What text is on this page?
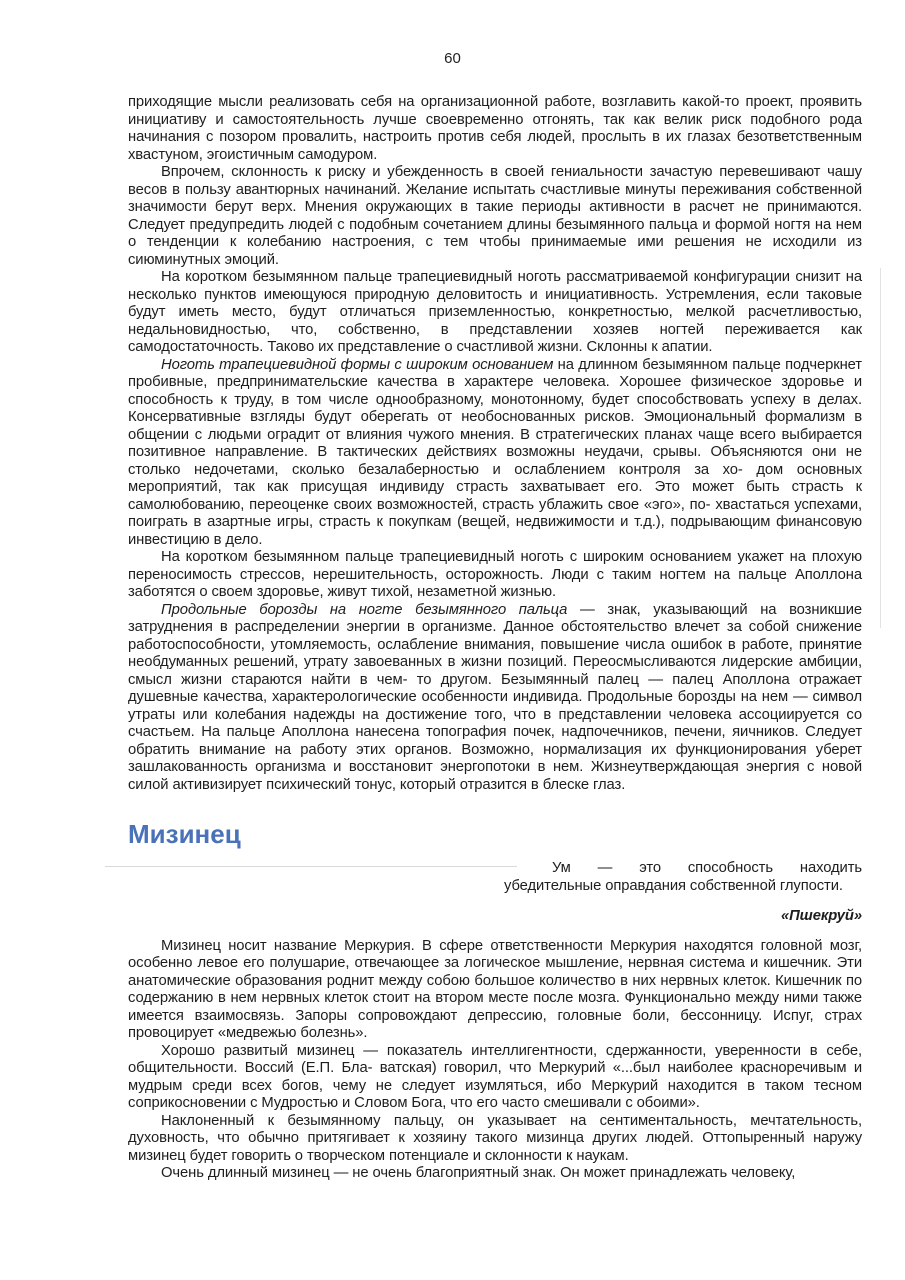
60

приходящие мысли реализовать себя на организационной работе, возглавить какой-то проект, проявить инициативу и самостоятельность лучше своевременно отгонять, так как велик риск подобного рода начинания с позором провалить, настроить против себя людей, прослыть в их глазах безответственным хвастуном, эгоистичным самодуром.

Впрочем, склонность к риску и убежденность в своей гениальности зачастую перевешивают чашу весов в пользу авантюрных начинаний. Желание испытать счастливые минуты переживания собственной значимости берут верх. Мнения окружающих в такие периоды активности в расчет не принимаются. Следует предупредить людей с подобным сочетанием длины безымянного пальца и формой ногтя на нем о тенденции к колебанию настроения, с тем чтобы принимаемые ими решения не исходили из сиюминутных эмоций.

На коротком безымянном пальце трапециевидный ноготь рассматриваемой конфигурации снизит на несколько пунктов имеющуюся природную деловитость и инициативность. Устремления, если таковые будут иметь место, будут отличаться приземленностью, конкретностью, мелкой расчетливостью, недальновидностью, что, собственно, в представлении хозяев ногтей переживается как самодостаточность. Таково их представление о счастливой жизни. Склонны к апатии.

Ноготь трапециевидной формы с широким основанием на длинном безымянном пальце подчеркнет пробивные, предпринимательские качества в характере человека. Хорошее физическое здоровье и способность к труду, в том числе однообразному, монотонному, будет способствовать успеху в делах. Консервативные взгляды будут оберегать от необоснованных рисков. Эмоциональный формализм в общении с людьми оградит от влияния чужого мнения. В стратегических планах чаще всего выбирается позитивное направление. В тактических действиях возможны неудачи, срывы. Объясняются они не столько недочетами, сколько безалаберностью и ослаблением контроля за хо- дом основных мероприятий, так как присущая индивиду страсть захватывает его. Это может быть страсть к самолюбованию, переоценке своих возможностей, страсть ублажить свое «эго», по- хвастаться успехами, поиграть в азартные игры, страсть к покупкам (вещей, недвижимости и т.д.), подрывающим финансовую инвестицию в дело.

На коротком безымянном пальце трапециевидный ноготь с широким основанием укажет на плохую переносимость стрессов, нерешительность, осторожность. Люди с таким ногтем на пальце Аполлона заботятся о своем здоровье, живут тихой, незаметной жизнью.

Продольные борозды на ногте безымянного пальца — знак, указывающий на возникшие затруднения в распределении энергии в организме. Данное обстоятельство влечет за собой снижение работоспособности, утомляемость, ослабление внимания, повышение числа ошибок в работе, принятие необдуманных решений, утрату завоеванных в жизни позиций. Переосмысливаются лидерские амбиции, смысл жизни стараются найти в чем- то другом. Безымянный палец — палец Аполлона отражает душевные качества, характерологические особенности индивида. Продольные борозды на нем — символ утраты или колебания надежды на достижение того, что в представлении человека ассоциируется со счастьем. На пальце Аполлона нанесена топография почек, надпочечников, печени, яичников. Следует обратить внимание на работу этих органов. Возможно, нормализация их функционирования уберет зашлакованность организма и восстановит энергопотоки в нем. Жизнеутверждающая энергия с новой силой активизирует психический тонус, который отразится в блеске глаз.

Мизинец

Ум — это способность находить убедительные оправдания собственной глупости.

«Пшекруй»

Мизинец носит название Меркурия. В сфере ответственности Меркурия находятся головной мозг, особенно левое его полушарие, отвечающее за логическое мышление, нервная система и кишечник. Эти анатомические образования роднит между собою большое количество в них нервных клеток. Кишечник по содержанию в нем нервных клеток стоит на втором месте после мозга. Функционально между ними также имеется взаимосвязь. Запоры сопровождают депрессию, головные боли, бессонницу. Испуг, страх провоцирует «медвежью болезнь».

Хорошо развитый мизинец — показатель интеллигентности, сдержанности, уверенности в себе, общительности. Воссий (Е.П. Бла- ватская) говорил, что Меркурий «...был наиболее красноречивым и мудрым среди всех богов, чему не следует изумляться, ибо Меркурий находится в таком тесном соприкосновении с Мудростью и Словом Бога, что его часто смешивали с обоими».

Наклоненный к безымянному пальцу, он указывает на сентиментальность, мечтательность, духовность, что обычно притягивает к хозяину такого мизинца других людей. Оттопыренный наружу мизинец будет говорить о творческом потенциале и склонности к наукам.

Очень длинный мизинец — не очень благоприятный знак. Он может принадлежать человеку,
